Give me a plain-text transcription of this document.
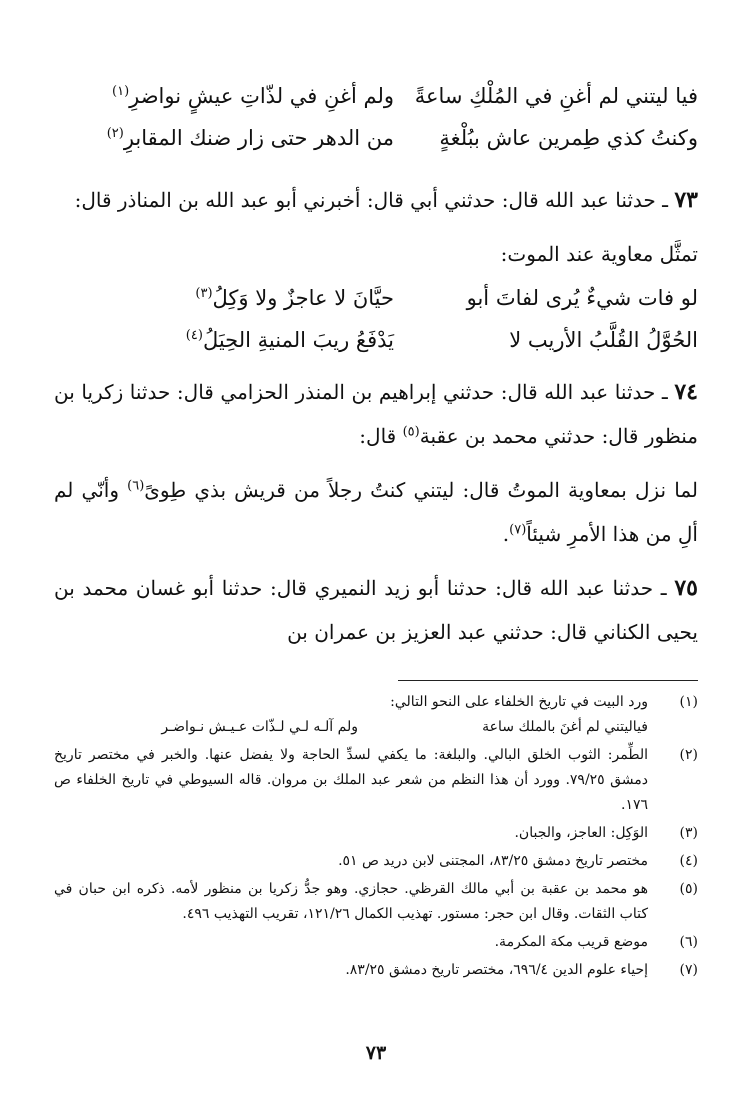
فيا ليتني لم أغنِ في المُلْكِ ساعةً
ولم أغنِ في لذّاتِ عيشٍ نواضرِ$^{(١)}$
وكنتُ كذي طِمرين عاش ببُلْغةٍ
من الدهر حتى زار ضنك المقابرِ$^{(٢)}$

٧٣ ـ حدثنا عبد الله قال: حدثني أبي قال: أخبرني أبو عبد الله بن المناذر قال:

تمثَّل معاوية عند الموت:

لو فات شيءٌ يُرى لفاتَ أبو
حيَّانَ لا عاجزٌ ولا وَكِلُ$^{(٣)}$
الحُوَّلُ القُلَّبُ الأريب لا
يَدْفَعُ ريبَ المنيةِ الحِيَلُ$^{(٤)}$

٧٤ ـ حدثنا عبد الله قال: حدثني إبراهيم بن المنذر الحزامي قال: حدثنا زكريا بن منظور قال: حدثني محمد بن عقبة$^{(٥)}$ قال:

لما نزل بمعاوية الموتُ قال: ليتني كنتُ رجلاً من قريش بذي طِوىً$^{(٦)}$ وأنّي لم ألِ من هذا الأمرِ شيئاً$^{(٧)}$.

٧٥ ـ حدثنا عبد الله قال: حدثنا أبو زيد النميري قال: حدثنا أبو غسان محمد بن يحيى الكناني قال: حدثني عبد العزيز بن عمران بن

(١)
ورد البيت في تاريخ الخلفاء على النحو التالي:
فياليتني لم أغنَ بالملك ساعة
ولم آلـه لـي لـذّات عـيـش نـواضـر
(٢)
الطِّمر: الثوب الخلق البالي. والبلغة: ما يكفي لسدِّ الحاجة ولا يفضل عنها. والخبر في مختصر تاريخ دمشق ٧٩/٢٥. وورد أن هذا النظم من شعر عبد الملك بن مروان. قاله السيوطي في تاريخ الخلفاء ص ١٧٦.
(٣)
الوَكِل: العاجز، والجبان.
(٤)
مختصر تاريخ دمشق ٨٣/٢٥، المجتنى لابن دريد ص ٥١.
(٥)
هو محمد بن عقبة بن أبي مالك القرظي. حجازي. وهو جدُّ زكريا بن منظور لأمه. ذكره ابن حبان في كتاب الثقات. وقال ابن حجر: مستور. تهذيب الكمال ١٢١/٢٦، تقريب التهذيب ٤٩٦.
(٦)
موضع قريب مكة المكرمة.
(٧)
إحياء علوم الدين ٦٩٦/٤، مختصر تاريخ دمشق ٨٣/٢٥.
٧٣
